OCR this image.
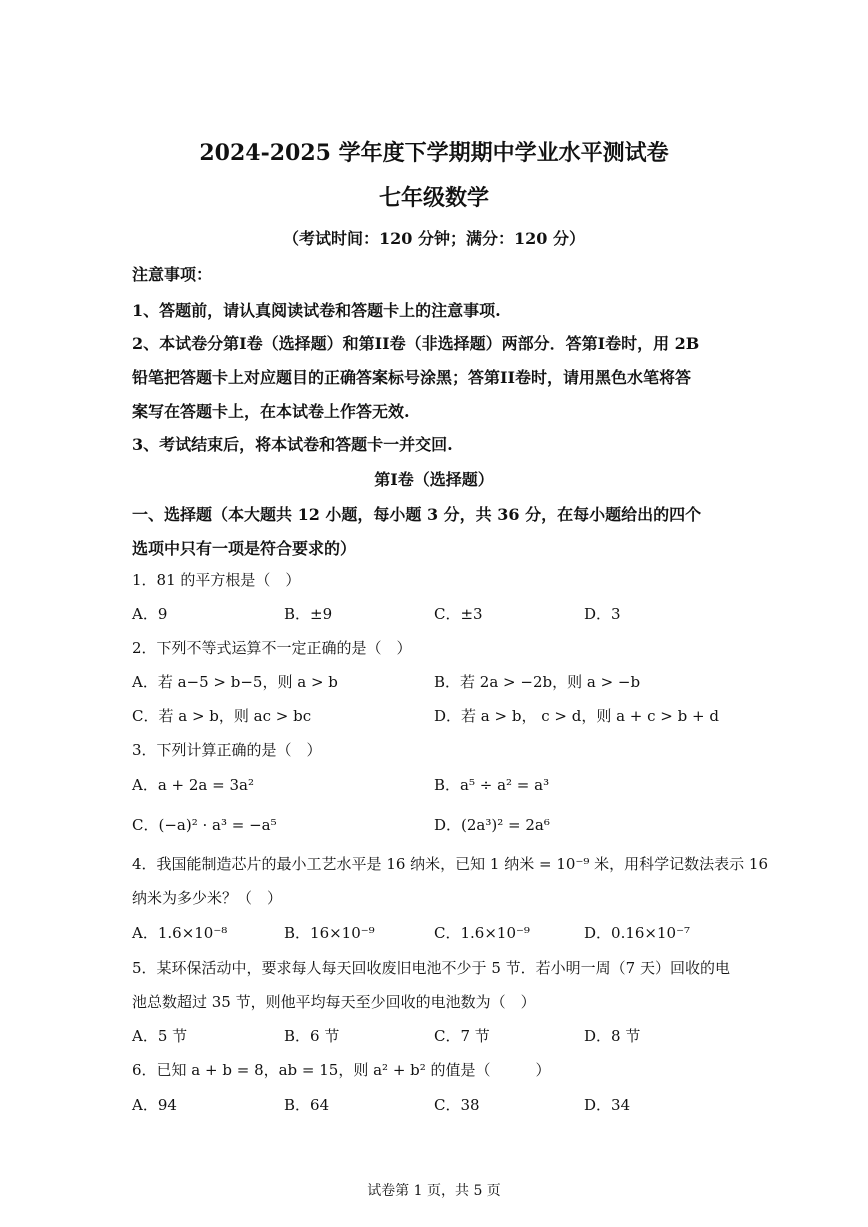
2024-2025 学年度下学期期中学业水平测试卷
七年级数学
（考试时间：120 分钟；满分：120 分）
注意事项：
1、答题前，请认真阅读试卷和答题卡上的注意事项.
2、本试卷分第I卷（选择题）和第II卷（非选择题）两部分．答第I卷时，用 2B
铅笔把答题卡上对应题目的正确答案标号涂黑；答第II卷时，请用黑色水笔将答
案写在答题卡上，在本试卷上作答无效.
3、考试结束后，将本试卷和答题卡一并交回.
第I卷（选择题）
一、选择题（本大题共 12 小题，每小题 3 分，共 36 分，在每小题给出的四个
选项中只有一项是符合要求的）
1．81 的平方根是（　）
A．9	B．±9	C．±3	D．3
2．下列不等式运算不一定正确的是（　）
A．若 a−5 > b−5，则 a > b	B．若 2a > −2b，则 a > −b
C．若 a > b，则 ac > bc	D．若 a > b， c > d，则 a + c > b + d
3．下列计算正确的是（　）
A．a + 2a = 3a²	B．a⁵ ÷ a² = a³
C．(−a)² · a³ = −a⁵	D．(2a³)² = 2a⁶
4．我国能制造芯片的最小工艺水平是 16 纳米，已知 1 纳米 = 10⁻⁹ 米，用科学记数法表示 16
纳米为多少米？（　）
A．1.6×10⁻⁸	B．16×10⁻⁹	C．1.6×10⁻⁹	D．0.16×10⁻⁷
5．某环保活动中，要求每人每天回收废旧电池不少于 5 节．若小明一周（7 天）回收的电
池总数超过 35 节，则他平均每天至少回收的电池数为（　）
A．5 节	B．6 节	C．7 节	D．8 节
6．已知 a + b = 8，ab = 15，则 a² + b² 的值是（　　　）
A．94	B．64	C．38	D．34
试卷第 1 页，共 5 页
